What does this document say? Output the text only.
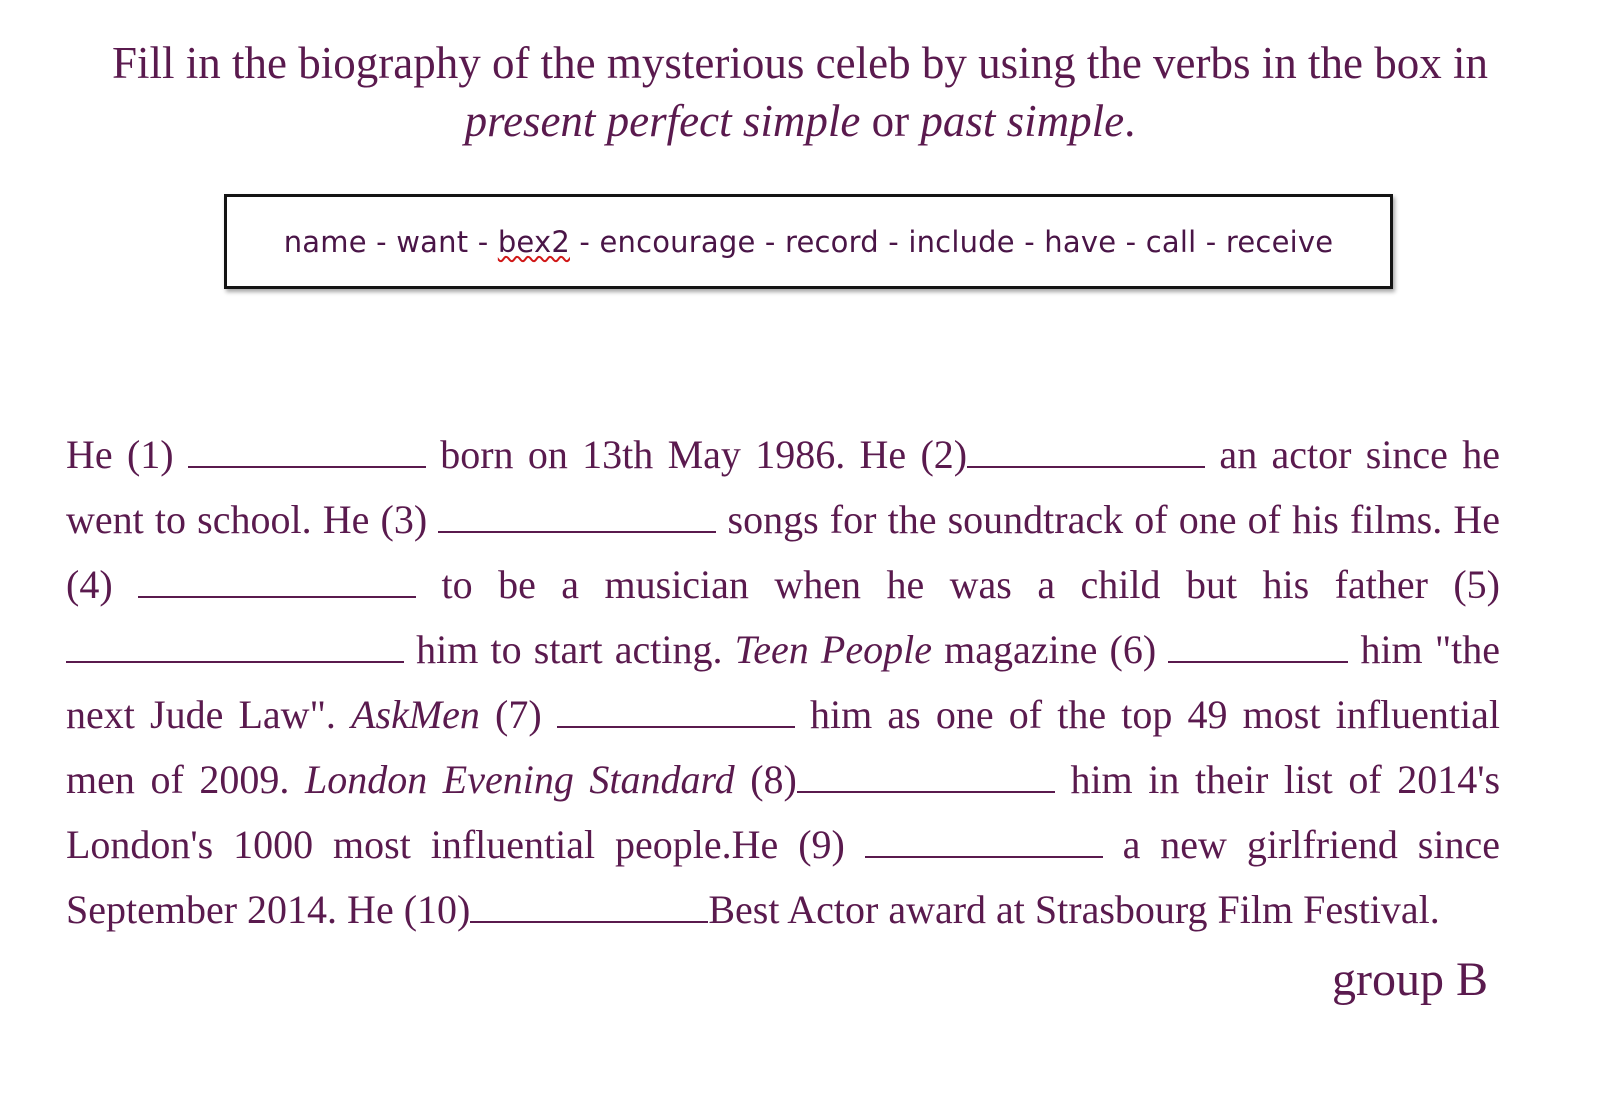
Fill in the biography of the mysterious celeb by using the verbs in the box in
present perfect simple or past simple.
name - want - bex2 - encourage - record - include - have - call - receive
He (1)	born on 13th May 1986. He (2)	an actor since he went to school. He (3)	songs for the soundtrack of one of his films. He (4)	to be a musician when he was a child but his father (5)  him to start acting. Teen People magazine (6)	him "the next Jude Law". AskMen (7)	him as one of the top 49 most influential men of 2009. London Evening Standard (8)	him in their list of 2014's London's 1000 most influential people.He (9)	a new girlfriend since September 2014. He (10)	Best Actor award at Strasbourg Film Festival.
group B
